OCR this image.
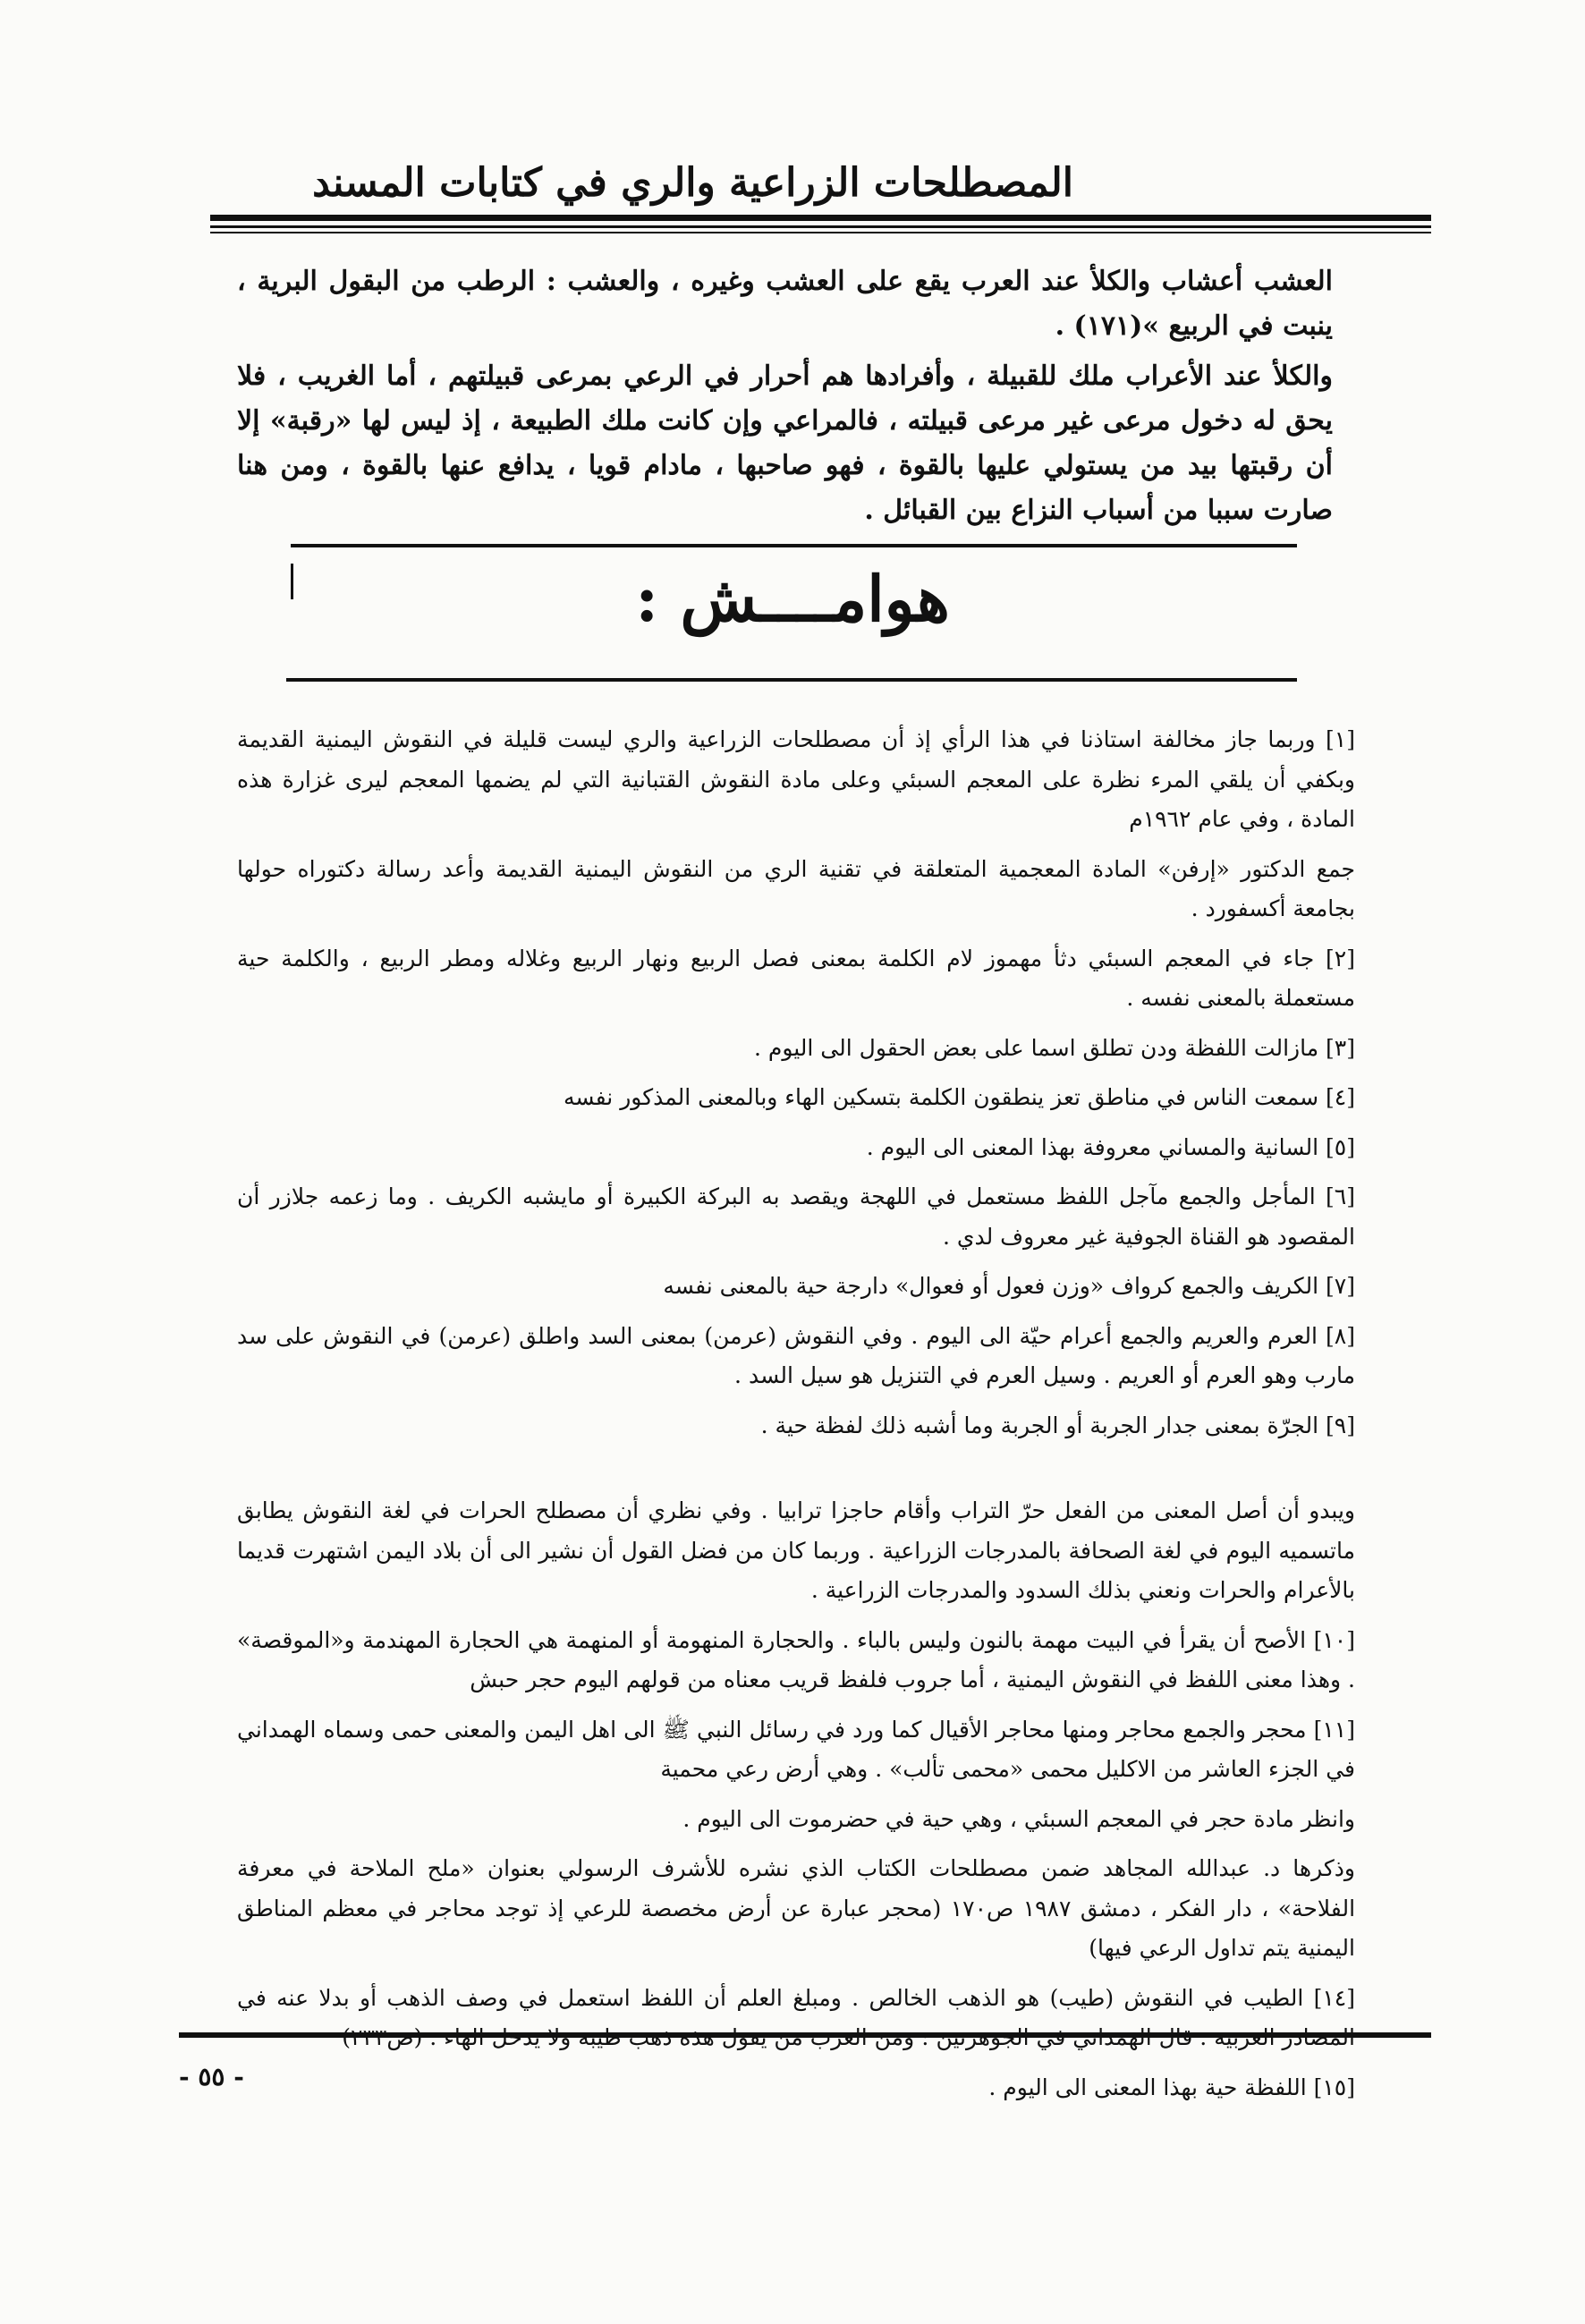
المصطلحات الزراعية والري في كتابات المسند

العشب أعشاب والكلأ عند العرب يقع على العشب وغيره ، والعشب : الرطب من البقول البرية ، ينبت في الربيع »(١٧١) .

والكلأ عند الأعراب ملك للقبيلة ، وأفرادها هم أحرار في الرعي بمرعى قبيلتهم ، أما الغريب ، فلا يحق له دخول مرعى غير مرعى قبيلته ، فالمراعي وإن كانت ملك الطبيعة ، إذ ليس لها «رقبة» إلا أن رقبتها بيد من يستولي عليها بالقوة ، فهو صاحبها ، مادام قويا ، يدافع عنها بالقوة ، ومن هنا صارت سببا من أسباب النزاع بين القبائل .

هوامــــش :

[١] وربما جاز مخالفة استاذنا في هذا الرأي إذ أن مصطلحات الزراعية والري ليست قليلة في النقوش اليمنية القديمة وبكفي أن يلقي المرء نظرة على المعجم السبئي وعلى مادة النقوش القتبانية التي لم يضمها المعجم ليرى غزارة هذه المادة ، وفي عام ١٩٦٢م

جمع الدكتور «إرفن» المادة المعجمية المتعلقة في تقنية الري من النقوش اليمنية القديمة وأعد رسالة دكتوراه حولها بجامعة أكسفورد .

[٢] جاء في المعجم السبئي دثأ مهموز لام الكلمة بمعنى فصل الربيع ونهار الربيع وغلاله ومطر الربيع ، والكلمة حية مستعملة بالمعنى نفسه .

[٣] مازالت اللفظة ودن تطلق اسما على بعض الحقول الى اليوم .

[٤] سمعت الناس في مناطق تعز ينطقون الكلمة بتسكين الهاء وبالمعنى المذكور نفسه

[٥] السانية والمساني معروفة بهذا المعنى الى اليوم .

[٦] المأجل والجمع مآجل اللفظ مستعمل في اللهجة ويقصد به البركة الكبيرة أو مايشبه الكريف . وما زعمه جلازر أن المقصود هو القناة الجوفية غير معروف لدي .

[٧] الكريف والجمع كرواف «وزن فعول أو فعوال» دارجة حية بالمعنى نفسه

[٨] العرم والعريم والجمع أعرام حيّة الى اليوم . وفي النقوش (عرمن) بمعنى السد واطلق (عرمن) في النقوش على سد مارب وهو العرم أو العريم . وسيل العرم في التنزيل هو سيل السد .

[٩] الجرّة بمعنى جدار الجربة أو الجربة وما أشبه ذلك لفظة حية .

ويبدو أن أصل المعنى من الفعل حرّ التراب وأقام حاجزا ترابيا . وفي نظري أن مصطلح الحرات في لغة النقوش يطابق ماتسميه اليوم في لغة الصحافة بالمدرجات الزراعية . وربما كان من فضل القول أن نشير الى أن بلاد اليمن اشتهرت قديما بالأعرام والحرات ونعني بذلك السدود والمدرجات الزراعية .

[١٠] الأصح أن يقرأ في البيت مهمة بالنون وليس بالباء . والحجارة المنهومة أو المنهمة هي الحجارة المهندمة و«الموقصة» . وهذا معنى اللفظ في النقوش اليمنية ، أما جروب فلفظ قريب معناه من قولهم اليوم حجر حبش

[١١] محجر والجمع محاجر ومنها محاجر الأقيال كما ورد في رسائل النبي ﷺ الى اهل اليمن والمعنى حمى وسماه الهمداني في الجزء العاشر من الاكليل محمى «محمى تألب» . وهي أرض رعي محمية

وانظر مادة حجر في المعجم السبئي ، وهي حية في حضرموت الى اليوم .

وذكرها د. عبدالله المجاهد ضمن مصطلحات الكتاب الذي نشره للأشرف الرسولي بعنوان «ملح الملاحة في معرفة الفلاحة» ، دار الفكر ، دمشق ١٩٨٧ ص١٧٠ (محجر عبارة عن أرض مخصصة للرعي إذ توجد محاجر في معظم المناطق اليمنية يتم تداول الرعي فيها)

[١٤] الطيب في النقوش (طيب) هو الذهب الخالص . ومبلغ العلم أن اللفظ استعمل في وصف الذهب أو بدلا عنه في

[١٥] اللفظة حية بهذا المعنى الى اليوم .

- ٥٥ -
